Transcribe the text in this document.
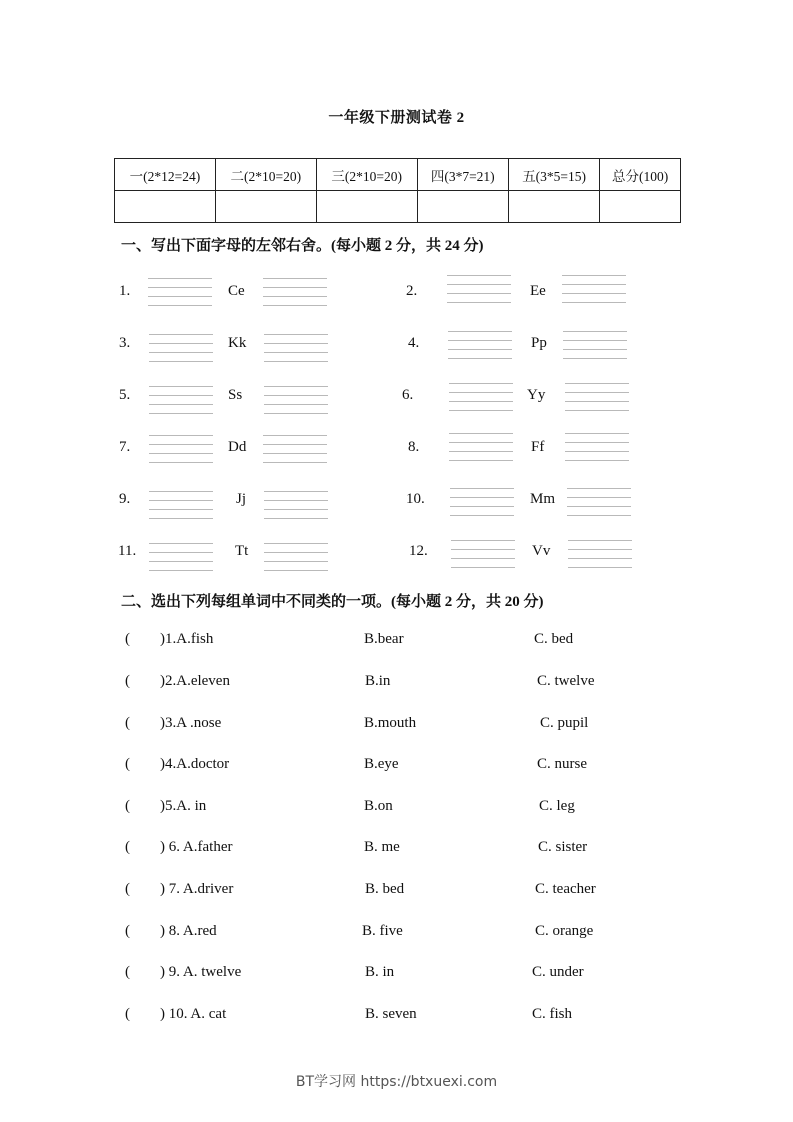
一年级下册测试卷 2
一(2*12=24)	二(2*10=20)	三(2*10=20)	四(3*7=21)	五(3*5=15)	总分(100)

一、写出下面字母的左邻右舍。(每小题 2 分，共 24 分)
1.	Ce	2.	Ee
3.	Kk	4.	Pp
5.	Ss	6.	Yy
7.	Dd	8.	Ff
9.	Jj	10.	Mm
11.	Tt	12.	Vv
二、选出下列每组单词中不同类的一项。(每小题 2 分，共 20 分)
( )1.A.fish	B.bear	C. bed
( )2.A.eleven	B.in	C. twelve
( )3.A .nose	B.mouth	C. pupil
( )4.A.doctor	B.eye	C. nurse
( )5.A. in	B.on	C. leg
( ) 6. A.father	B. me	C. sister
( ) 7. A.driver	B. bed	C. teacher
( ) 8. A.red	B. five	C. orange
( ) 9. A. twelve	B. in	C. under
( ) 10. A. cat	B. seven	C. fish
BT学习网 https://btxuexi.com
